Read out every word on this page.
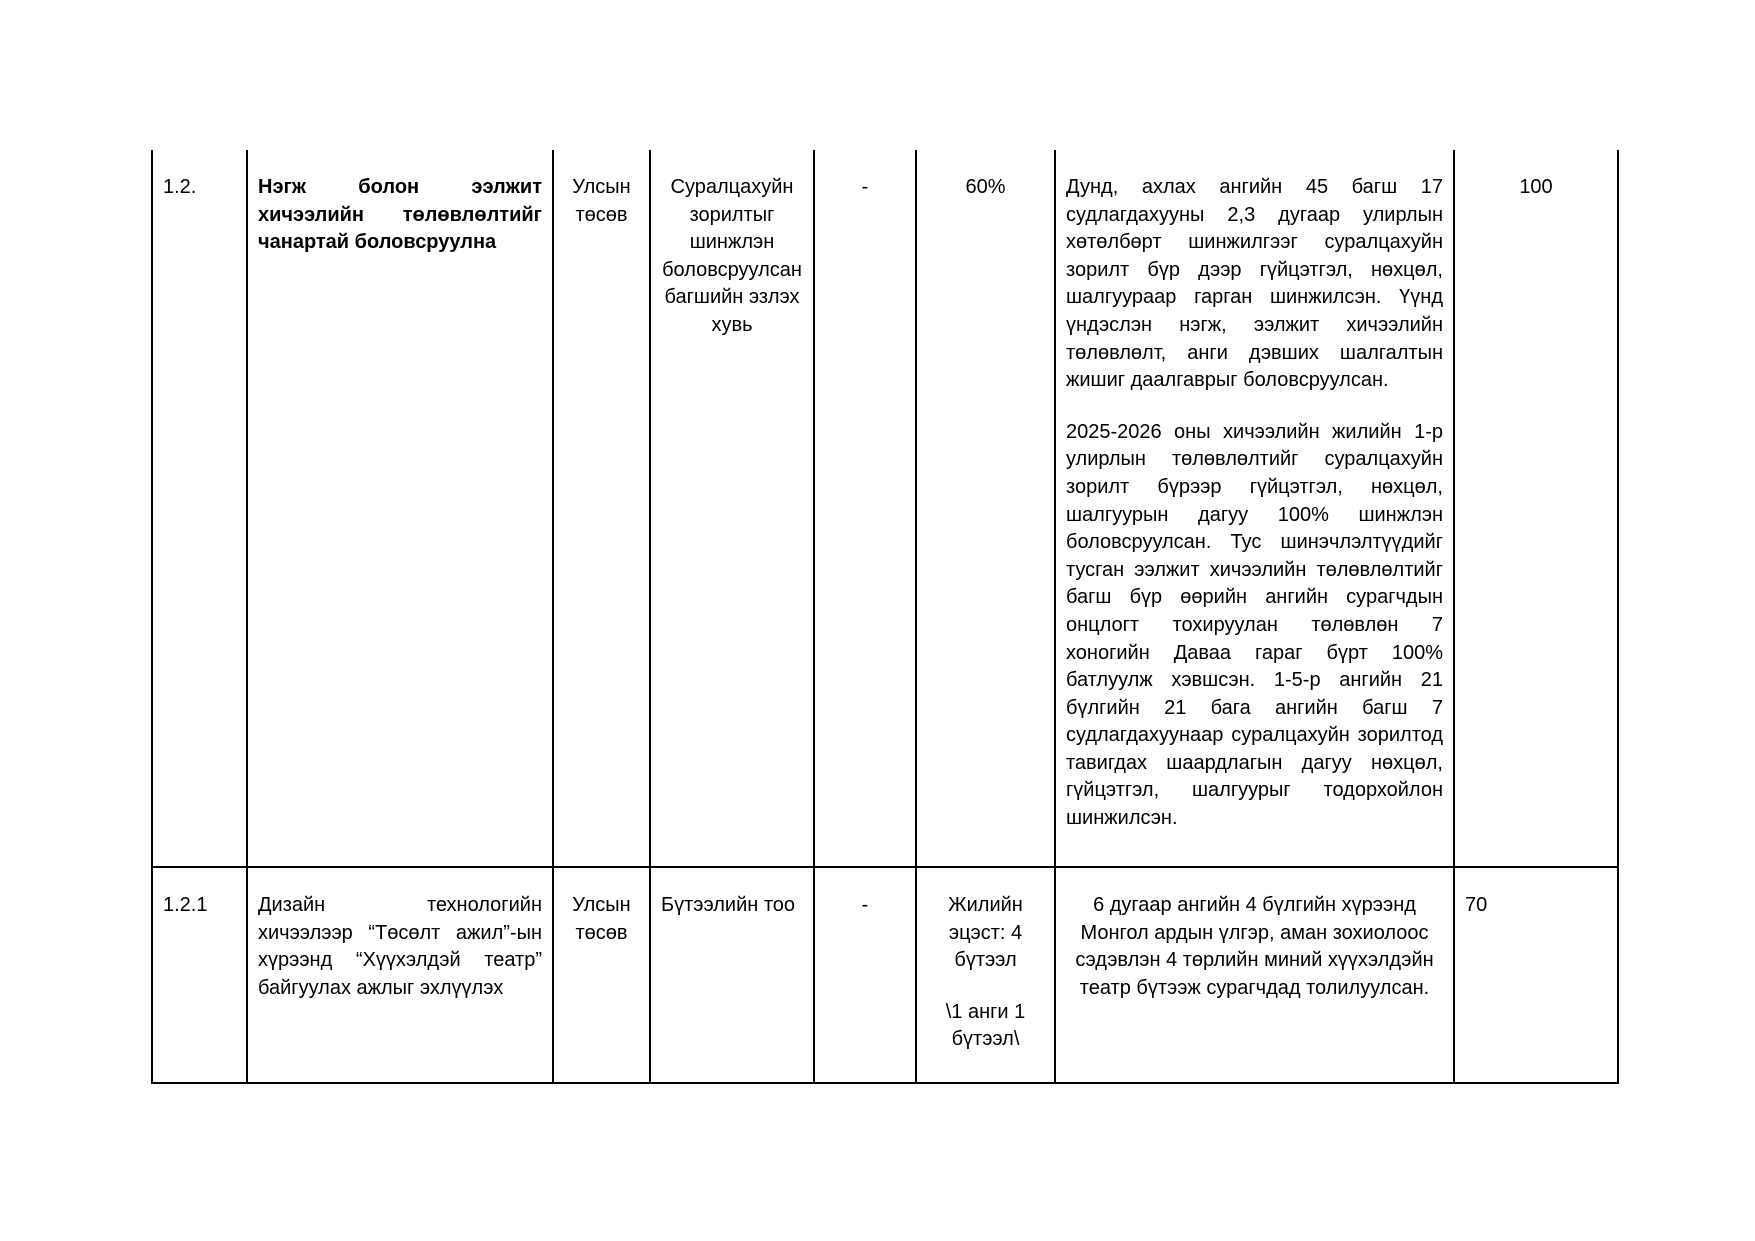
1.2.	Нэгж болон ээлжит хичээлийн төлөвлөлтийг чанартай боловсруулна	Улсын төсөв	Суралцахуйн зорилтыг шинжлэн боловсруулсан багшийн эзлэх хувь	-	60%	Дунд, ахлах ангийн 45 багш 17 судлагдахууны 2,3 дугаар улирлын хөтөлбөрт шинжилгээг суралцахуйн зорилт бүр дээр гүйцэтгэл, нөхцөл, шалгуураар гарган шинжилсэн. Үүнд үндэслэн нэгж, ээлжит хичээлийн төлөвлөлт, анги дэвших шалгалтын жишиг даалгаврыг боловсруулсан.
2025-2026 оны хичээлийн жилийн 1-р улирлын төлөвлөлтийг суралцахуйн зорилт бүрээр гүйцэтгэл, нөхцөл, шалгуурын дагуу 100% шинжлэн боловсруулсан. Тус шинэчлэлтүүдийг тусган ээлжит хичээлийн төлөвлөлтийг багш бүр өөрийн ангийн сурагчдын онцлогт тохируулан төлөвлөн 7 хоногийн Даваа гараг бүрт 100% батлуулж хэвшсэн. 1-5-р ангийн 21 бүлгийн 21 бага ангийн багш 7 судлагдахуунаар суралцахуйн зорилтод тавигдах шаардлагын дагуу нөхцөл, гүйцэтгэл, шалгуурыг тодорхойлон шинжилсэн.	100
1.2.1	Дизайн технологийн хичээлээр “Төсөлт ажил”-ын хүрээнд “Хүүхэлдэй театр” байгуулах ажлыг эхлүүлэх	Улсын төсөв	Бүтээлийн тоо	-	Жилийн эцэст: 4 бүтээл
\1 анги 1 бүтээл\	6 дугаар ангийн 4 бүлгийн хүрээнд Монгол ардын үлгэр, аман зохиолоос сэдэвлэн 4 төрлийн миний хүүхэлдэйн театр бүтээж сурагчдад толилуулсан.	70
